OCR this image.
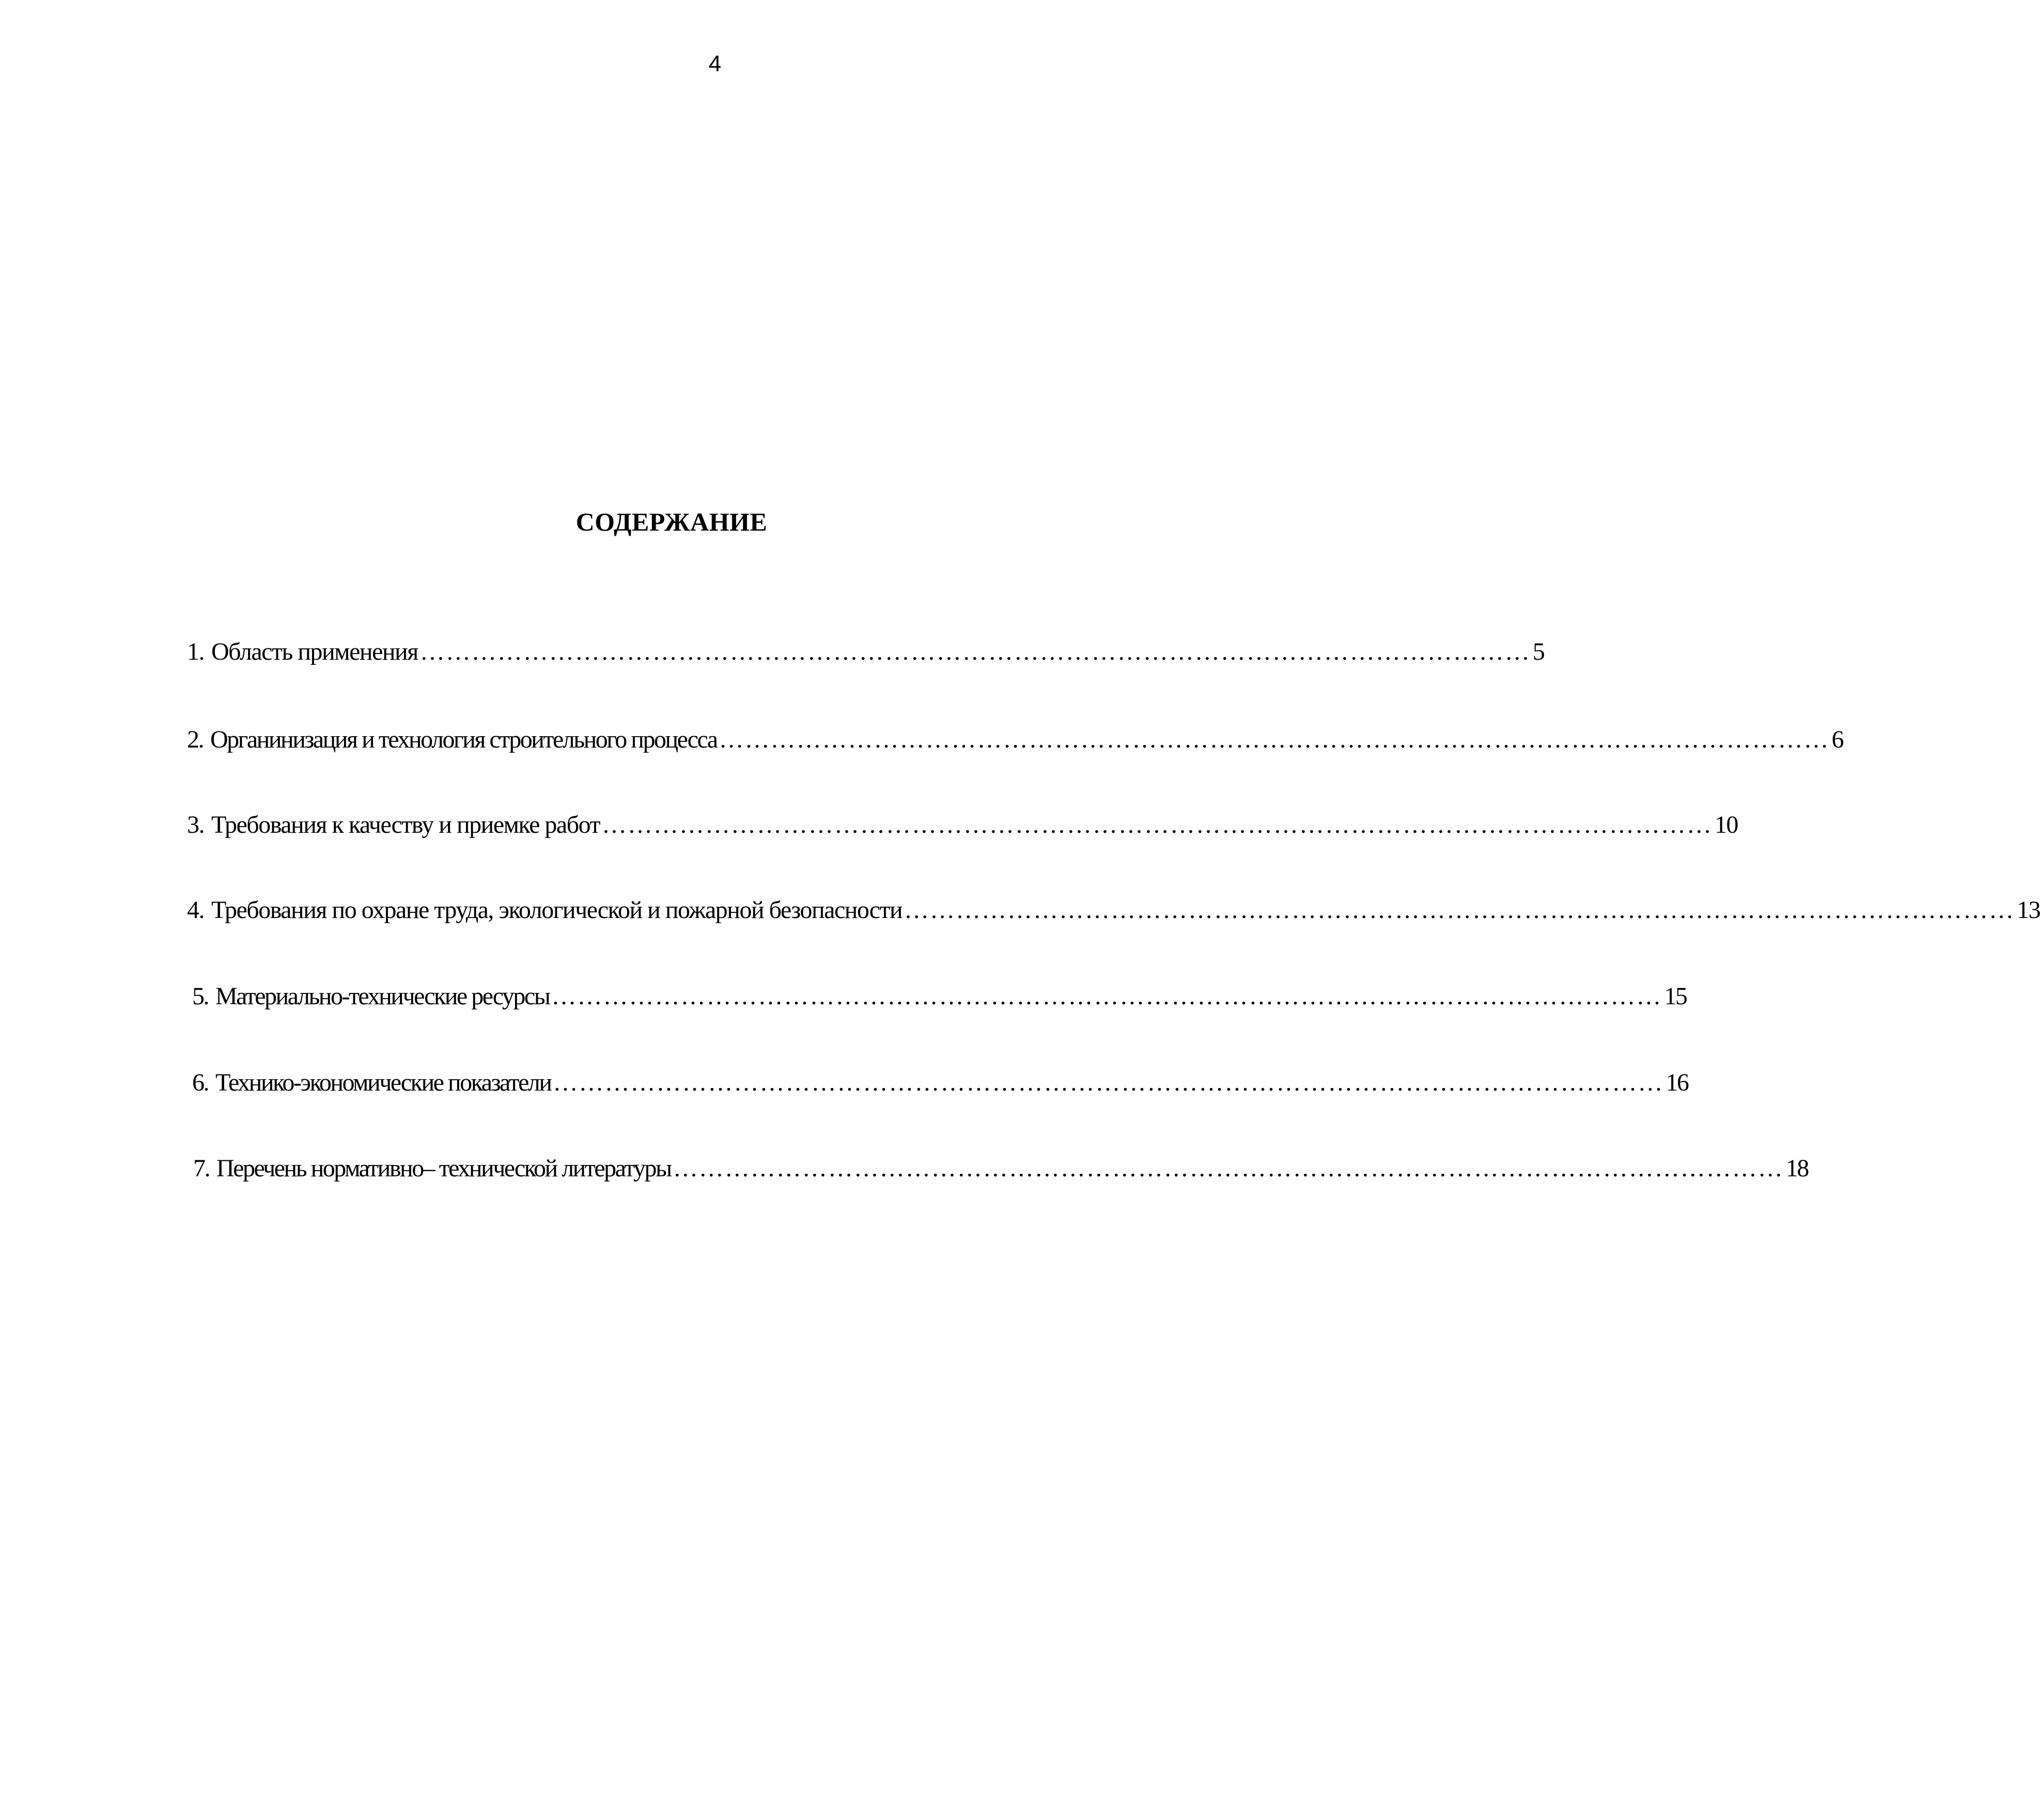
4
СОДЕРЖАНИЕ
1. Область применения ………………………………………………………………………………………………………………… 5
2. Органинизация и технология строительного процесса ………………………………………………………………………………………………………………… 6
3. Требования к качеству и приемке работ ………………………………………………………………………………………………………………… 10
4. Требования по охране труда, экологической и пожарной безопасности ………………………………………………………………………………………………………………… 13
5. Материально-технические ресурсы ………………………………………………………………………………………………………………… 15
6. Технико-экономические показатели ………………………………………………………………………………………………………………… 16
7. Перечень нормативно– технической литературы ………………………………………………………………………………………………………………… 18
